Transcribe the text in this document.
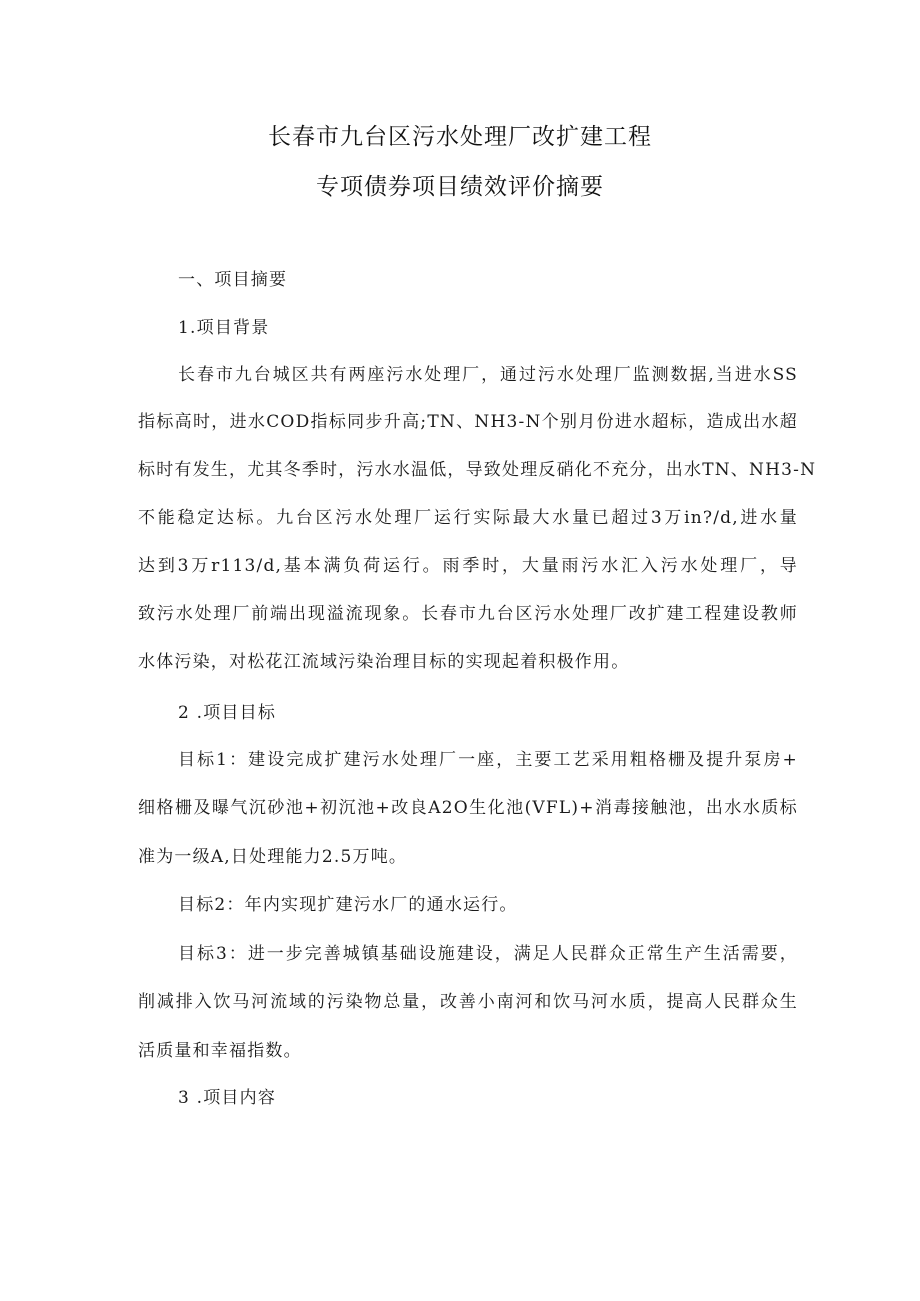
长春市九台区污水处理厂改扩建工程
专项债券项目绩效评价摘要
一、项目摘要
1.项目背景
长春市九台城区共有两座污水处理厂，通过污水处理厂监测数据,当进水SS
指标高时，进水COD指标同步升高;TN、NH3-N个别月份进水超标，造成出水超
标时有发生，尤其冬季时，污水水温低，导致处理反硝化不充分，出水TN、NH3-N
不能稳定达标。九台区污水处理厂运行实际最大水量已超过3万in?/d,进水量
达到3万r113/d,基本满负荷运行。雨季时，大量雨污水汇入污水处理厂，导
致污水处理厂前端出现溢流现象。长春市九台区污水处理厂改扩建工程建设教师
水体污染，对松花江流域污染治理目标的实现起着积极作用。
2 .项目目标
目标1：建设完成扩建污水处理厂一座，主要工艺采用粗格栅及提升泵房+
细格栅及曝气沉砂池+初沉池+改良A2O生化池(VFL)+消毒接触池，出水水质标
准为一级A,日处理能力2.5万吨。
目标2：年内实现扩建污水厂的通水运行。
目标3：进一步完善城镇基础设施建设，满足人民群众正常生产生活需要，
削减排入饮马河流域的污染物总量，改善小南河和饮马河水质，提高人民群众生
活质量和幸福指数。
3 .项目内容
